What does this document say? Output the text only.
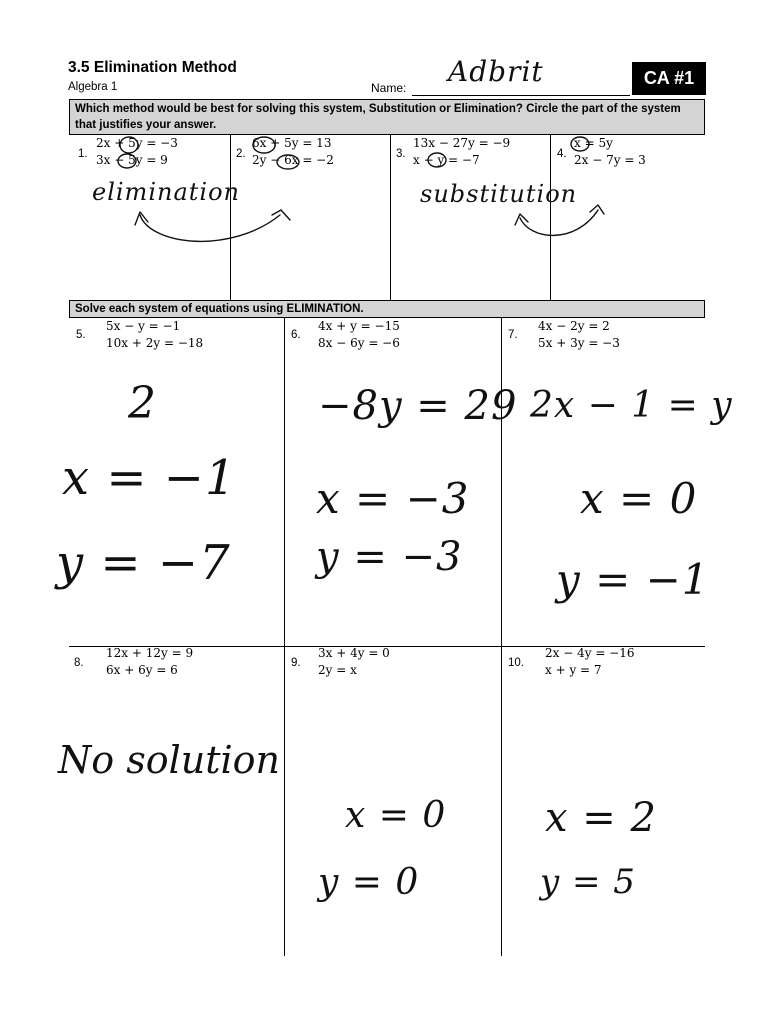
3.5 Elimination Method
Algebra 1	Name: Adbrit	CA #1
Which method would be best for solving this system, Substitution or Elimination? Circle the part of the system that justifies your answer.
1.
2x + 5y = −3
3x − 5y = 9
elimination
2.
6x + 5y = 13
2y − 6x = −2	3.
13x − 27y = −9
x − y = −7
substitution
4.
x = 5y
2x − 7y = 3
Solve each system of equations using ELIMINATION.
5.
5x − y = −1
10x + 2y = −18
2
x = −1
y = −7
6.
4x + y = −15
8x − 6y = −6
−8y = 29
x = −3
y = −3
7.
4x − 2y = 2
5x + 3y = −3
2x − 1 = y
x = 0
y = −1
8.
12x + 12y = 9
6x + 6y = 6
No solution
9.
3x + 4y = 0
2y = x
x = 0
y = 0
10.
2x − 4y = −16
x + y = 7
x = 2
y = 5
